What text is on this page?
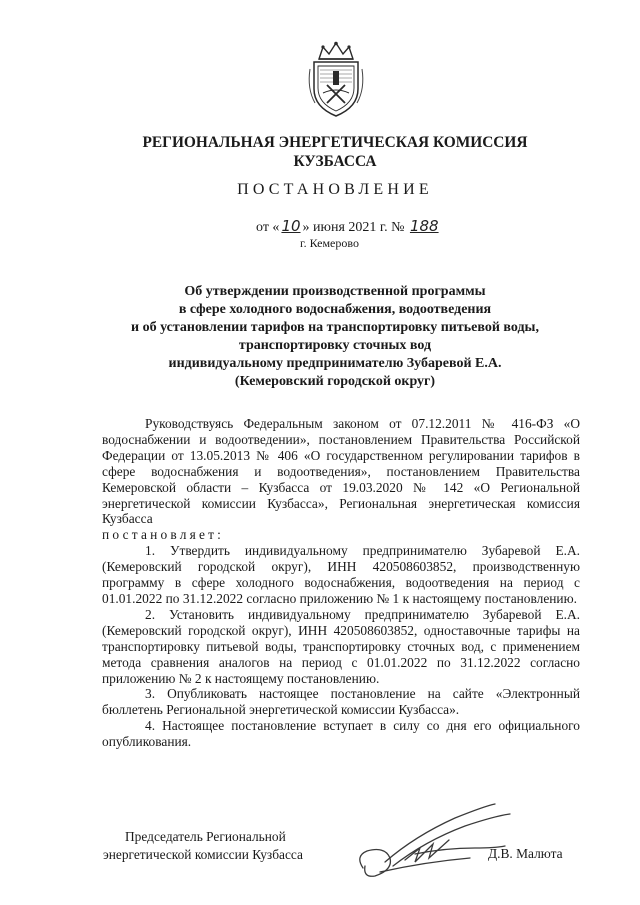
РЕГИОНАЛЬНАЯ ЭНЕРГЕТИЧЕСКАЯ КОМИССИЯ
КУЗБАССА
ПОСТАНОВЛЕНИЕ
от « 10 » июня 2021 г. № 188
г. Кемерово
Об утверждении производственной программы
в сфере холодного водоснабжения, водоотведения
и об установлении тарифов на транспортировку питьевой воды,
транспортировку сточных вод
индивидуальному предпринимателю Зубаревой Е.А.
(Кемеровский городской округ)

Руководствуясь Федеральным законом от 07.12.2011 № 416-ФЗ «О водоснабжении и водоотведении», постановлением Правительства Российской Федерации от 13.05.2013 № 406 «О государственном регулировании тарифов в сфере водоснабжения и водоотведения», постановлением Правительства Кемеровской области – Кузбасса от 19.03.2020 № 142 «О Региональной энергетической комиссии Кузбасса», Региональная энергетическая комиссия Кузбасса

постановляет:

1. Утвердить индивидуальному предпринимателю Зубаревой Е.А. (Кемеровский городской округ), ИНН 420508603852, производственную программу в сфере холодного водоснабжения, водоотведения на период с 01.01.2022 по 31.12.2022 согласно приложению № 1 к настоящему постановлению.

2. Установить индивидуальному предпринимателю Зубаревой Е.А. (Кемеровский городской округ), ИНН 420508603852, одноставочные тарифы на транспортировку питьевой воды, транспортировку сточных вод, с применением метода сравнения аналогов на период с 01.01.2022 по 31.12.2022 согласно приложению № 2 к настоящему постановлению.

3. Опубликовать настоящее постановление на сайте «Электронный бюллетень Региональной энергетической комиссии Кузбасса».

4. Настоящее постановление вступает в силу со дня его официального опубликования.

Председатель Региональной
энергетической комиссии Кузбасса	Д.В. Малюта
